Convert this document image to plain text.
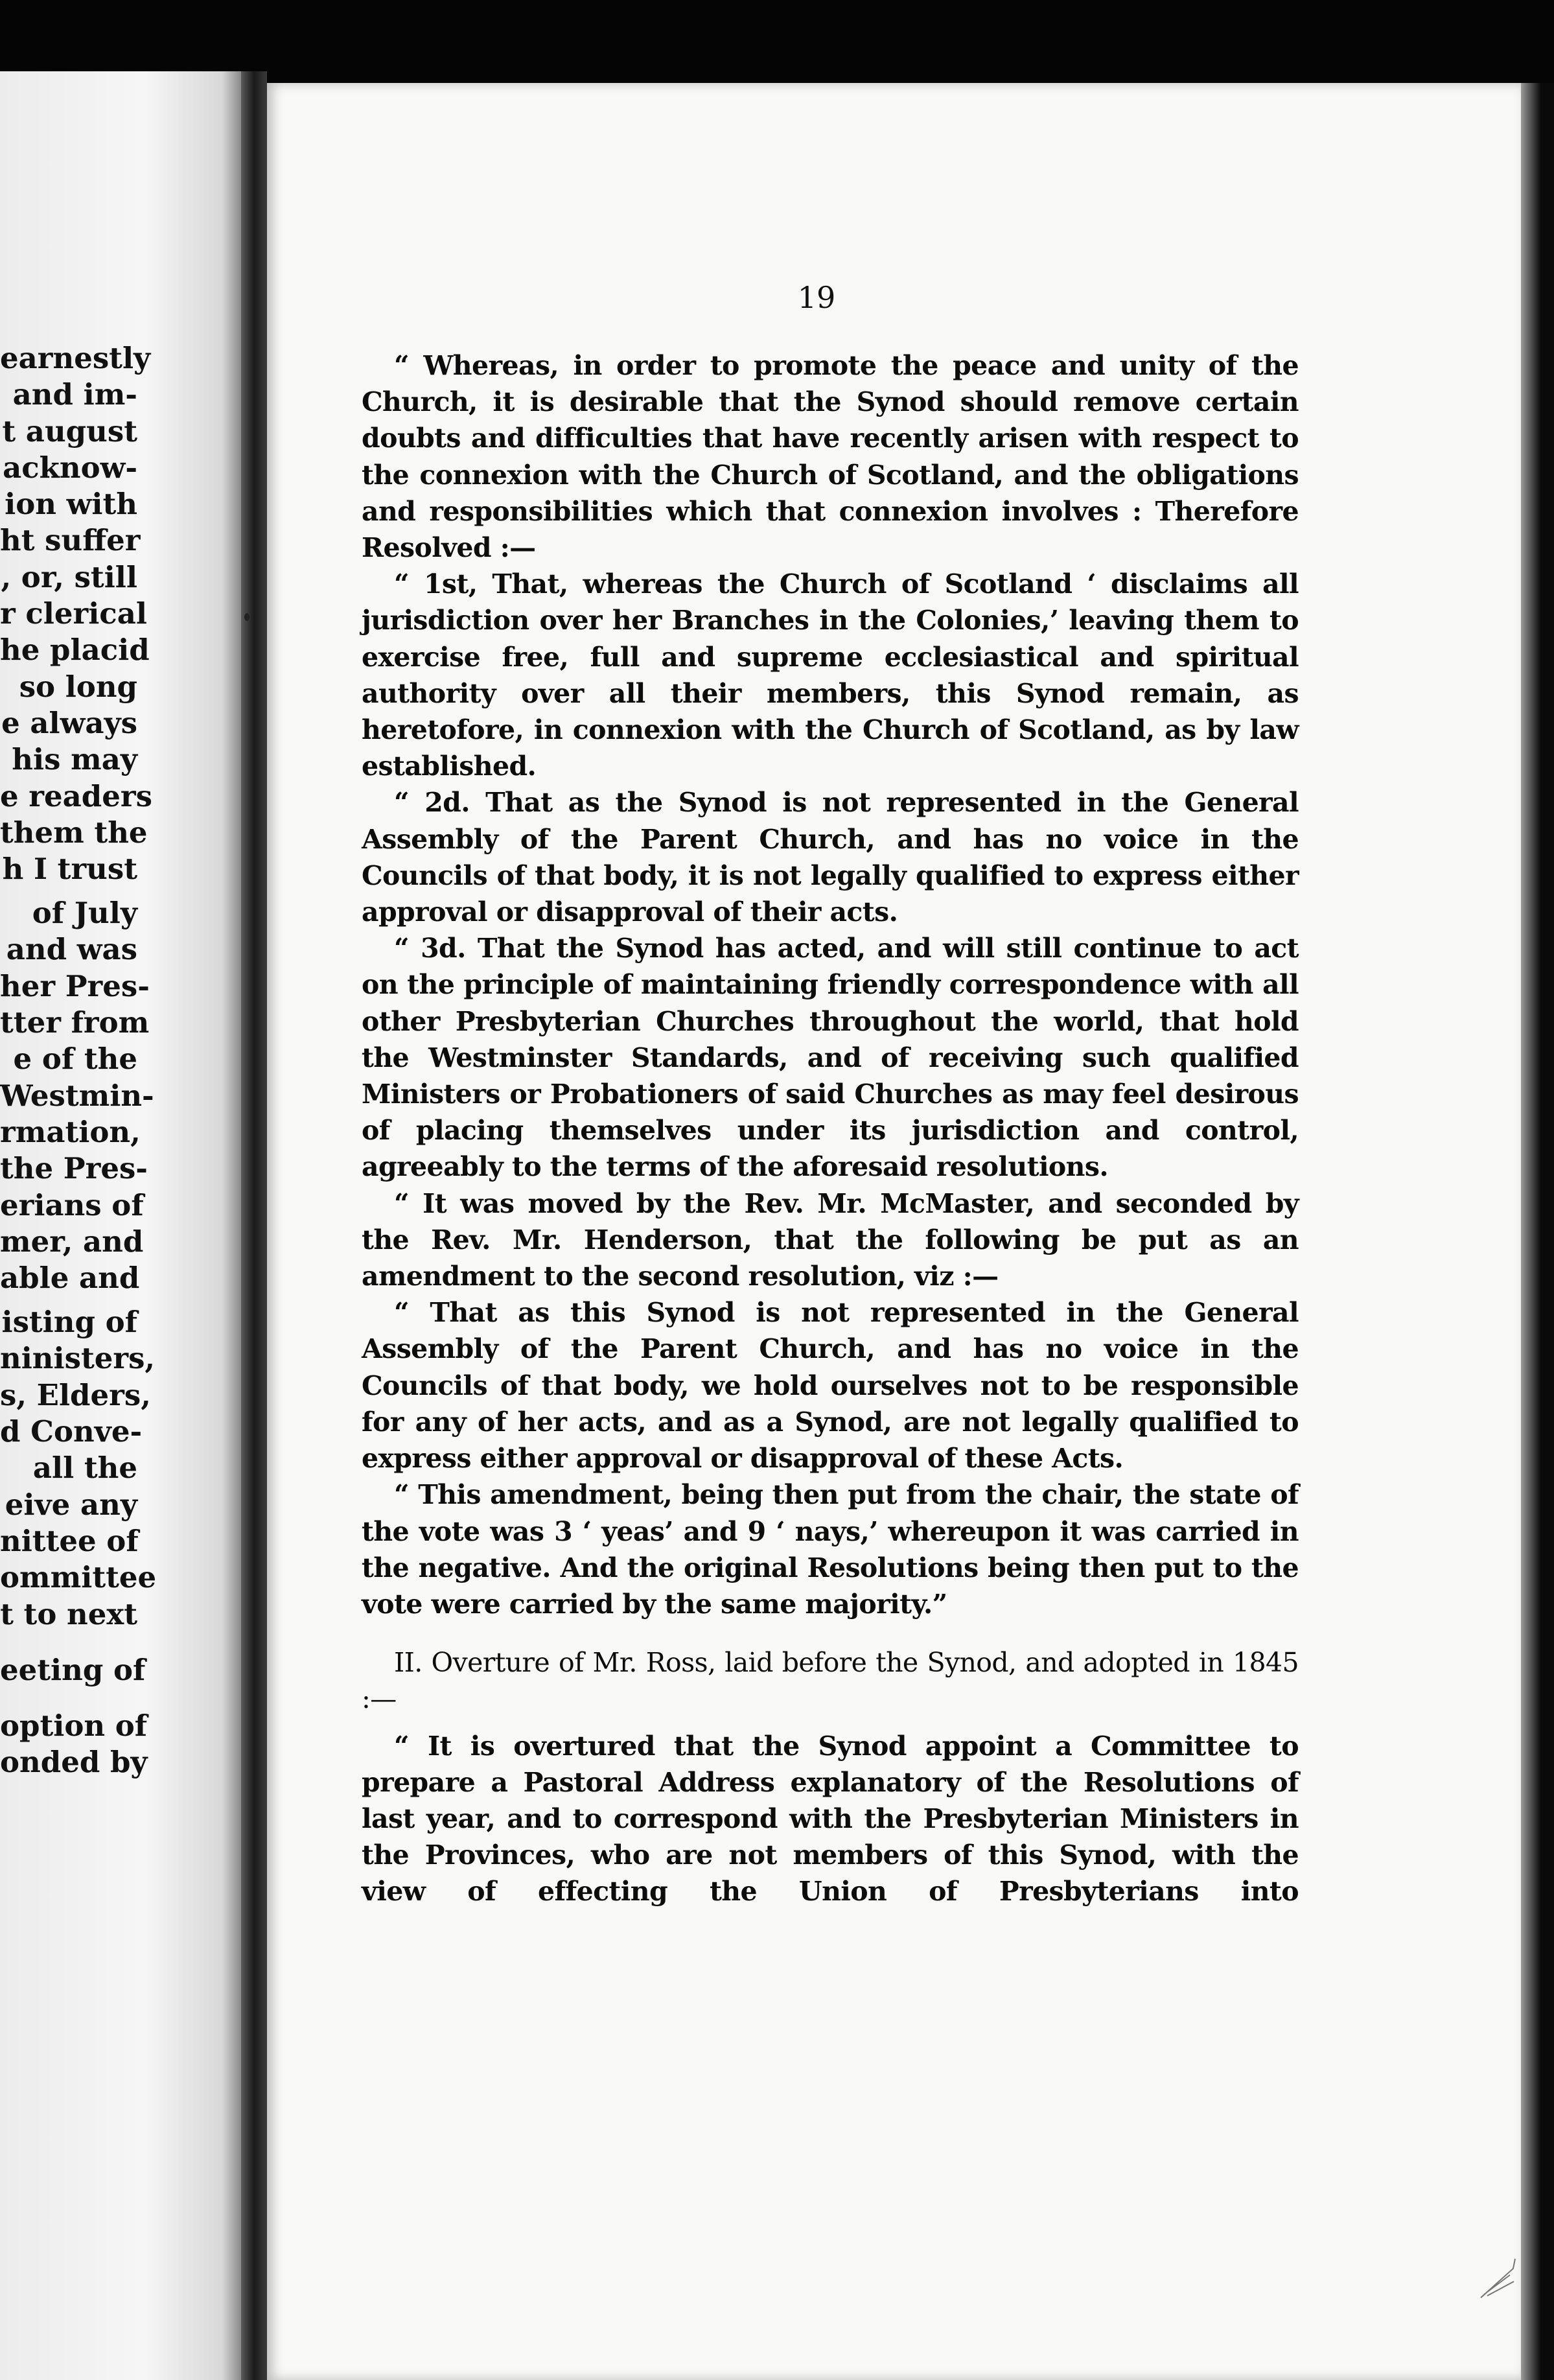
earnestly
and im-
t august
acknow-
ion with
ht suffer
, or, still
r clerical
he placid
so long
e always
his may
e readers
them the
h I trust
of July
and was
her Pres-
tter from
e of the
Westmin-
rmation,
the Pres-
erians of
mer, and
able and
isting of
ninisters,
s, Elders,
d Conve-
all the
eive any
nittee of
ommittee
t to next
eeting of
option of
onded by
19

“ Whereas, in order to promote the peace and unity of the Church, it is desirable that the Synod should remove certain doubts and difficulties that have recently arisen with respect to the connexion with the Church of Scotland, and the obligations and responsibilities which that connexion involves : Therefore Resolved :—

“ 1st, That, whereas the Church of Scotland ‘ disclaims all jurisdiction over her Branches in the Colonies,’ leaving them to exercise free, full and supreme ecclesiastical and spiritual authority over all their members, this Synod remain, as heretofore, in connexion with the Church of Scotland, as by law established.

“ 2d. That as the Synod is not represented in the General Assembly of the Parent Church, and has no voice in the Councils of that body, it is not legally qualified to express either approval or disapproval of their acts.

“ 3d. That the Synod has acted, and will still continue to act on the principle of maintaining friendly correspondence with all other Presbyterian Churches throughout the world, that hold the Westminster Standards, and of receiving such qualified Ministers or Probationers of said Churches as may feel desirous of placing themselves under its jurisdiction and control, agreeably to the terms of the aforesaid resolutions.

“ It was moved by the Rev. Mr. McMaster, and seconded by the Rev. Mr. Henderson, that the following be put as an amendment to the second resolution, viz :—

“ That as this Synod is not represented in the General Assembly of the Parent Church, and has no voice in the Councils of that body, we hold ourselves not to be responsible for any of her acts, and as a Synod, are not legally qualified to express either approval or disapproval of these Acts.

“ This amendment, being then put from the chair, the state of the vote was 3 ‘ yeas’ and 9 ‘ nays,’ whereupon it was carried in the negative. And the original Resolutions being then put to the vote were carried by the same majority.”

II. Overture of Mr. Ross, laid before the Synod, and adopted in 1845 :—

“ It is overtured that the Synod appoint a Committee to prepare a Pastoral Address explanatory of the Resolutions of last year, and to correspond with the Presbyterian Ministers in the Provinces, who are not members of this Synod, with the view of effecting the Union of Presbyterians into
